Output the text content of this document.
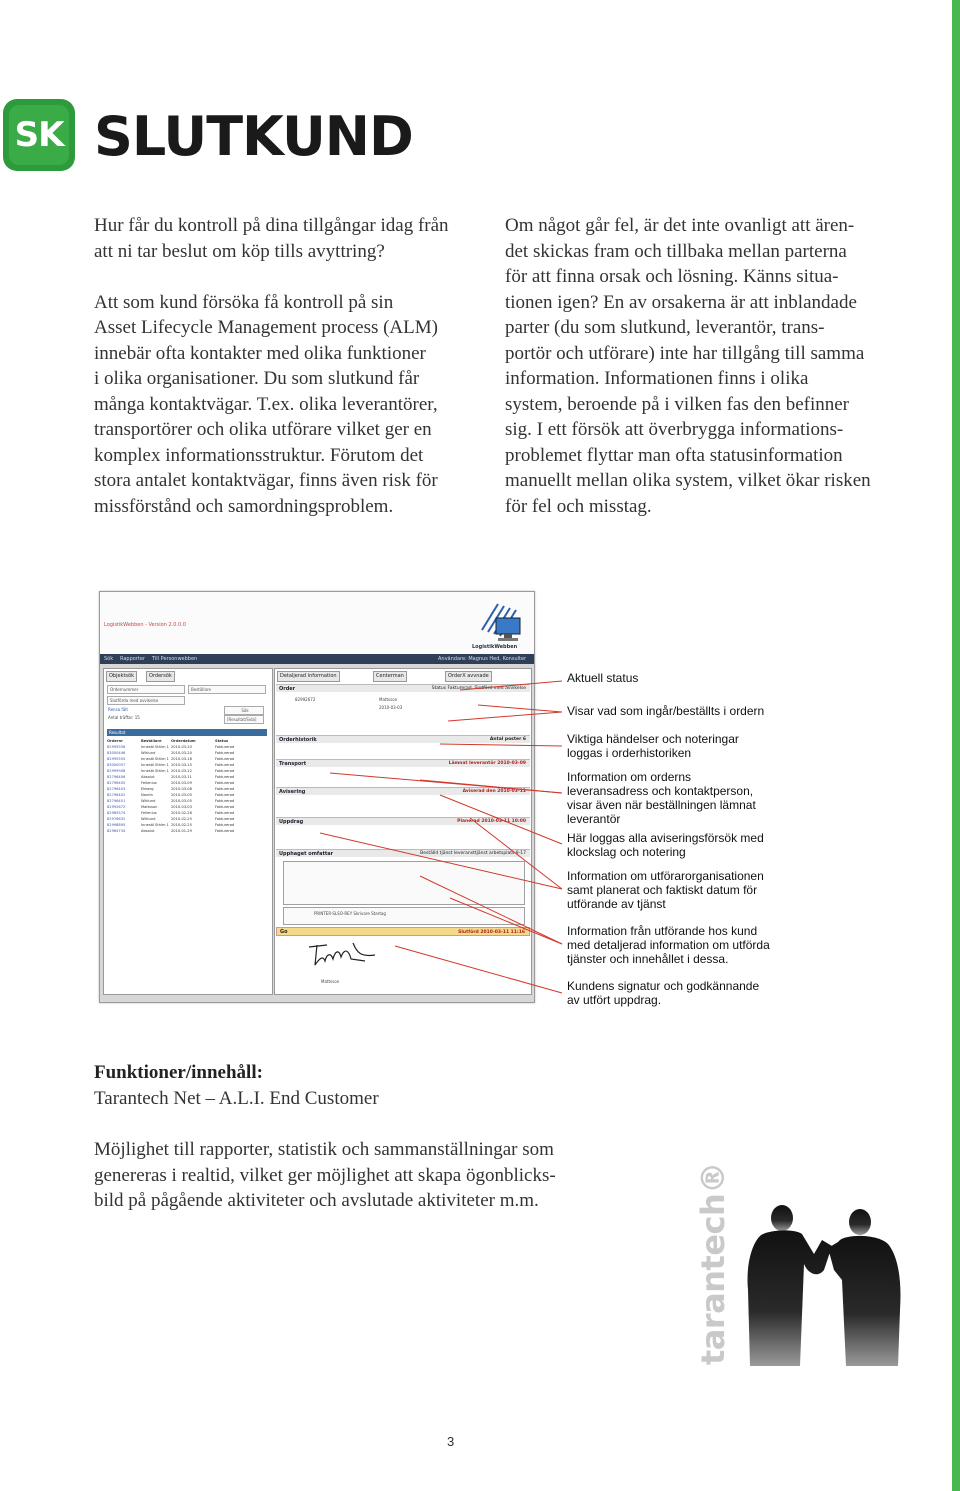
SK SLUTKUND

Hur får du kontroll på dina tillgångar idag från
att ni tar beslut om köp tills avyttring?

Att som kund försöka få kontroll på sin
Asset Lifecycle Management process (ALM)
innebär ofta kontakter med olika funktioner
i olika organisationer. Du som slutkund får
många kontaktvägar. T.ex. olika leverantörer,
transportörer och olika utförare vilket ger en
komplex informationsstruktur. Förutom det
stora antalet kontaktvägar, finns även risk för
missförstånd och samordningsproblem.

Om något går fel, är det inte ovanligt att ären-
det skickas fram och tillbaka mellan parterna
för att finna orsak och lösning. Känns situa-
tionen igen? En av orsakerna är att inblandade
parter (du som slutkund, leverantör, trans-
portör och utförare) inte har tillgång till samma
information. Informationen finns i olika
system, beroende på i vilken fas den befinner
sig. I ett försök att överbrygga informations-
problemet flyttar man ofta statusinformation
manuellt mellan olika system, vilket ökar risken
för fel och misstag.

LogistikWebben - Version 2.0.0.0
LogistikWebben
Sök Rapporter Till Personwebben	Användare: Magnus Hed, Konsulter
Objektsök	Ordersök
Ordernummer	Beställare
Slutförda med avvikelse
Rensa fält
Antal träffar: 15
Sök
[Resultat/Sida]
Resultat
Ordernr	Beställare	Orderdatum	Status
82995556	Innesäl Sthlm 1 2010-03-20	Fakturerad
83000446	Wiklund	2010-03-20	Fakturerad
82995555	Innesäl Sthlm 1 2010-03-16	Fakturerad
83000057	Innesäl Sthlm 1 2010-03-15	Fakturerad
82999908	Innesäl Sthlm 1 2010-03-12	Fakturerad
82796406	Absolut	2010-03-11	Fakturerad
82796405	Fellenius	2010-03-09	Fakturerad
82796403	Ekberg	2010-03-08	Fakturerad
82796402	Nordin	2010-03-05	Fakturerad
82796401	Wiklund	2010-03-05	Fakturerad
82992672	Mattsson	2010-03-03	Fakturerad
82985574	Fellenius	2010-02-26	Fakturerad
82976632	Wiklund	2010-02-25	Fakturerad
82998895	Innesäl Sthlm 1 2010-02-25	Fakturerad
82964734	Absolut	2010-01-29	Fakturerad
Detaljerad information	Centerman	OrderX avvnade
Order	Status Fakturerad, Slutförd med avvikelse
82992672	Mattsson
2010-03-03
Orderhistorik	Antal poster 6
Transport	Lämnat leverantör 2010-03-09
Avisering	Aviserad den 2010-03-11
Uppdrag	Planerad 2010-03-11 10:00
Upphaget omfattar	Beställd tjänst leveransttjänst arbetsplats 8-17
PRINTER-SLSO-REY Skrivare Startag
Go	Slutförd 2010-03-11 11:16
Mattsson
Aktuell status
Visar vad som ingår/beställts i ordern
Viktiga händelser och noteringar
loggas i orderhistoriken
Information om orderns
leveransadress och kontaktperson,
visar även när beställningen lämnat
leverantör
Här loggas alla aviseringsförsök med
klockslag och notering
Information om utförarorganisationen
samt planerat och faktiskt datum för
utförande av tjänst
Information från utförande hos kund
med detaljerad information om utförda
tjänster och innehållet i dessa.
Kundens signatur och godkännande
av utfört uppdrag.
Funktioner/innehåll:

Tarantech Net – A.L.I. End Customer

Möjlighet till rapporter, statistik och sammanställningar som
genereras i realtid, vilket ger möjlighet att skapa ögonblicks-
bild på pågående aktiviteter och avslutade aktiviteter m.m.	tarantech®
3
